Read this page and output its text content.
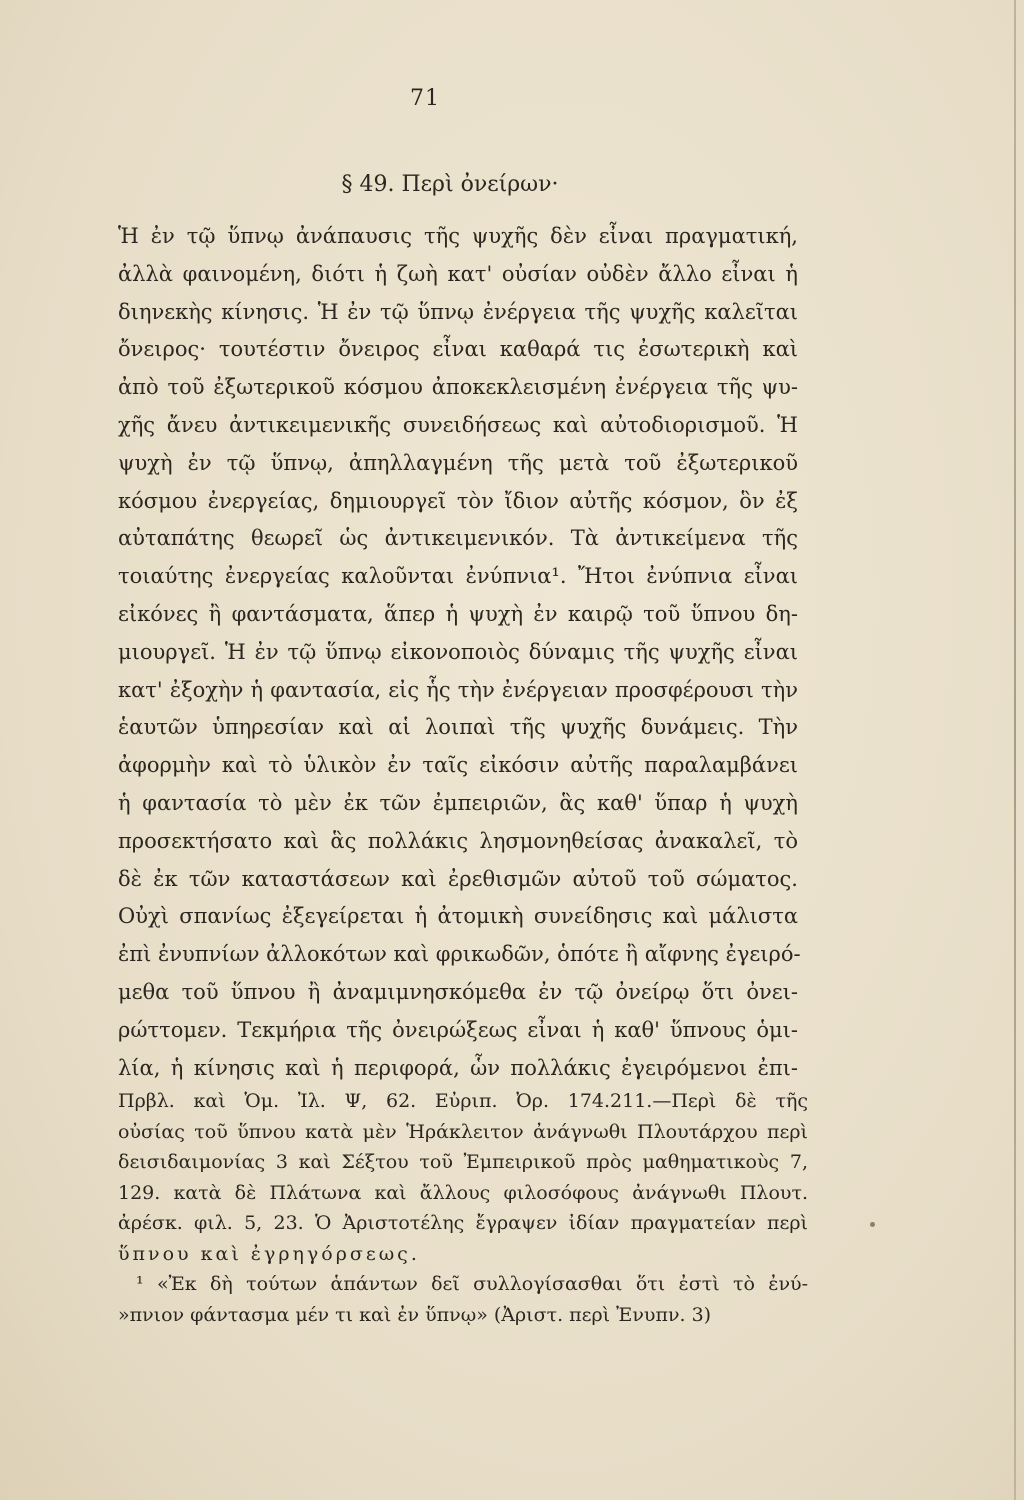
71
§ 49. Περὶ ὀνείρων·
Ἡ ἐν τῷ ὕπνῳ ἀνάπαυσις τῆς ψυχῆς δὲν εἶναι πραγματική,
ἀλλὰ φαινομένη, διότι ἡ ζωὴ κατ' οὐσίαν οὐδὲν ἄλλο εἶναι ἡ
διηνεκὴς κίνησις. Ἡ ἐν τῷ ὕπνῳ ἐνέργεια τῆς ψυχῆς καλεῖται
ὄνειρος· τουτέστιν ὄνειρος εἶναι καθαρά τις ἐσωτερικὴ καὶ
ἀπὸ τοῦ ἐξωτερικοῦ κόσμου ἀποκεκλεισμένη ἐνέργεια τῆς ψυ-
χῆς ἄνευ ἀντικειμενικῆς συνειδήσεως καὶ αὐτοδιορισμοῦ. Ἡ
ψυχὴ ἐν τῷ ὕπνῳ, ἀπηλλαγμένη τῆς μετὰ τοῦ ἐξωτερικοῦ
κόσμου ἐνεργείας, δημιουργεῖ τὸν ἴδιον αὐτῆς κόσμον, ὃν ἐξ
αὐταπάτης θεωρεῖ ὡς ἀντικειμενικόν. Τὰ ἀντικείμενα τῆς
τοιαύτης ἐνεργείας καλοῦνται ἐνύπνια¹. Ἤτοι ἐνύπνια εἶναι
εἰκόνες ἢ φαντάσματα, ἅπερ ἡ ψυχὴ ἐν καιρῷ τοῦ ὕπνου δη-
μιουργεῖ. Ἡ ἐν τῷ ὕπνῳ εἰκονοποιὸς δύναμις τῆς ψυχῆς εἶναι
κατ' ἐξοχὴν ἡ φαντασία, εἰς ἧς τὴν ἐνέργειαν προσφέρουσι τὴν
ἑαυτῶν ὑπηρεσίαν καὶ αἱ λοιπαὶ τῆς ψυχῆς δυνάμεις. Τὴν
ἀφορμὴν καὶ τὸ ὑλικὸν ἐν ταῖς εἰκόσιν αὐτῆς παραλαμβάνει
ἡ φαντασία τὸ μὲν ἐκ τῶν ἐμπειριῶν, ἃς καθ' ὕπαρ ἡ ψυχὴ
προσεκτήσατο καὶ ἃς πολλάκις λησμονηθείσας ἀνακαλεῖ, τὸ
δὲ ἐκ τῶν καταστάσεων καὶ ἐρεθισμῶν αὐτοῦ τοῦ σώματος.
Οὐχὶ σπανίως ἐξεγείρεται ἡ ἀτομικὴ συνείδησις καὶ μάλιστα
ἐπὶ ἐνυπνίων ἀλλοκότων καὶ φρικωδῶν, ὁπότε ἢ αἴφνης ἐγειρό-
μεθα τοῦ ὕπνου ἢ ἀναμιμνησκόμεθα ἐν τῷ ὀνείρῳ ὅτι ὀνει-
ρώττομεν. Τεκμήρια τῆς ὀνειρώξεως εἶναι ἡ καθ' ὕπνους ὁμι-
λία, ἡ κίνησις καὶ ἡ περιφορά, ὧν πολλάκις ἐγειρόμενοι ἐπι-
Πρβλ. καὶ Ὁμ. Ἰλ. Ψ, 62. Εὐριπ. Ὀρ. 174.211.—Περὶ δὲ τῆς
οὐσίας τοῦ ὕπνου κατὰ μὲν Ἡράκλειτον ἀνάγνωθι Πλουτάρχου περὶ
δεισιδαιμονίας 3 καὶ Σέξτου τοῦ Ἐμπειρικοῦ πρὸς μαθηματικοὺς 7,
129. κατὰ δὲ Πλάτωνα καὶ ἄλλους φιλοσόφους ἀνάγνωθι Πλουτ.
ἀρέσκ. φιλ. 5, 23. Ὁ Ἀριστοτέλης ἔγραψεν ἰδίαν πραγματείαν περὶ
ὕπνου καὶ ἐγρηγόρσεως.
¹ «Ἐκ δὴ τούτων ἁπάντων δεῖ συλλογίσασθαι ὅτι ἐστὶ τὸ ἐνύ-
»πνιον φάντασμα μέν τι καὶ ἐν ὕπνῳ» (Ἀριστ. περὶ Ἐνυπν. 3)
